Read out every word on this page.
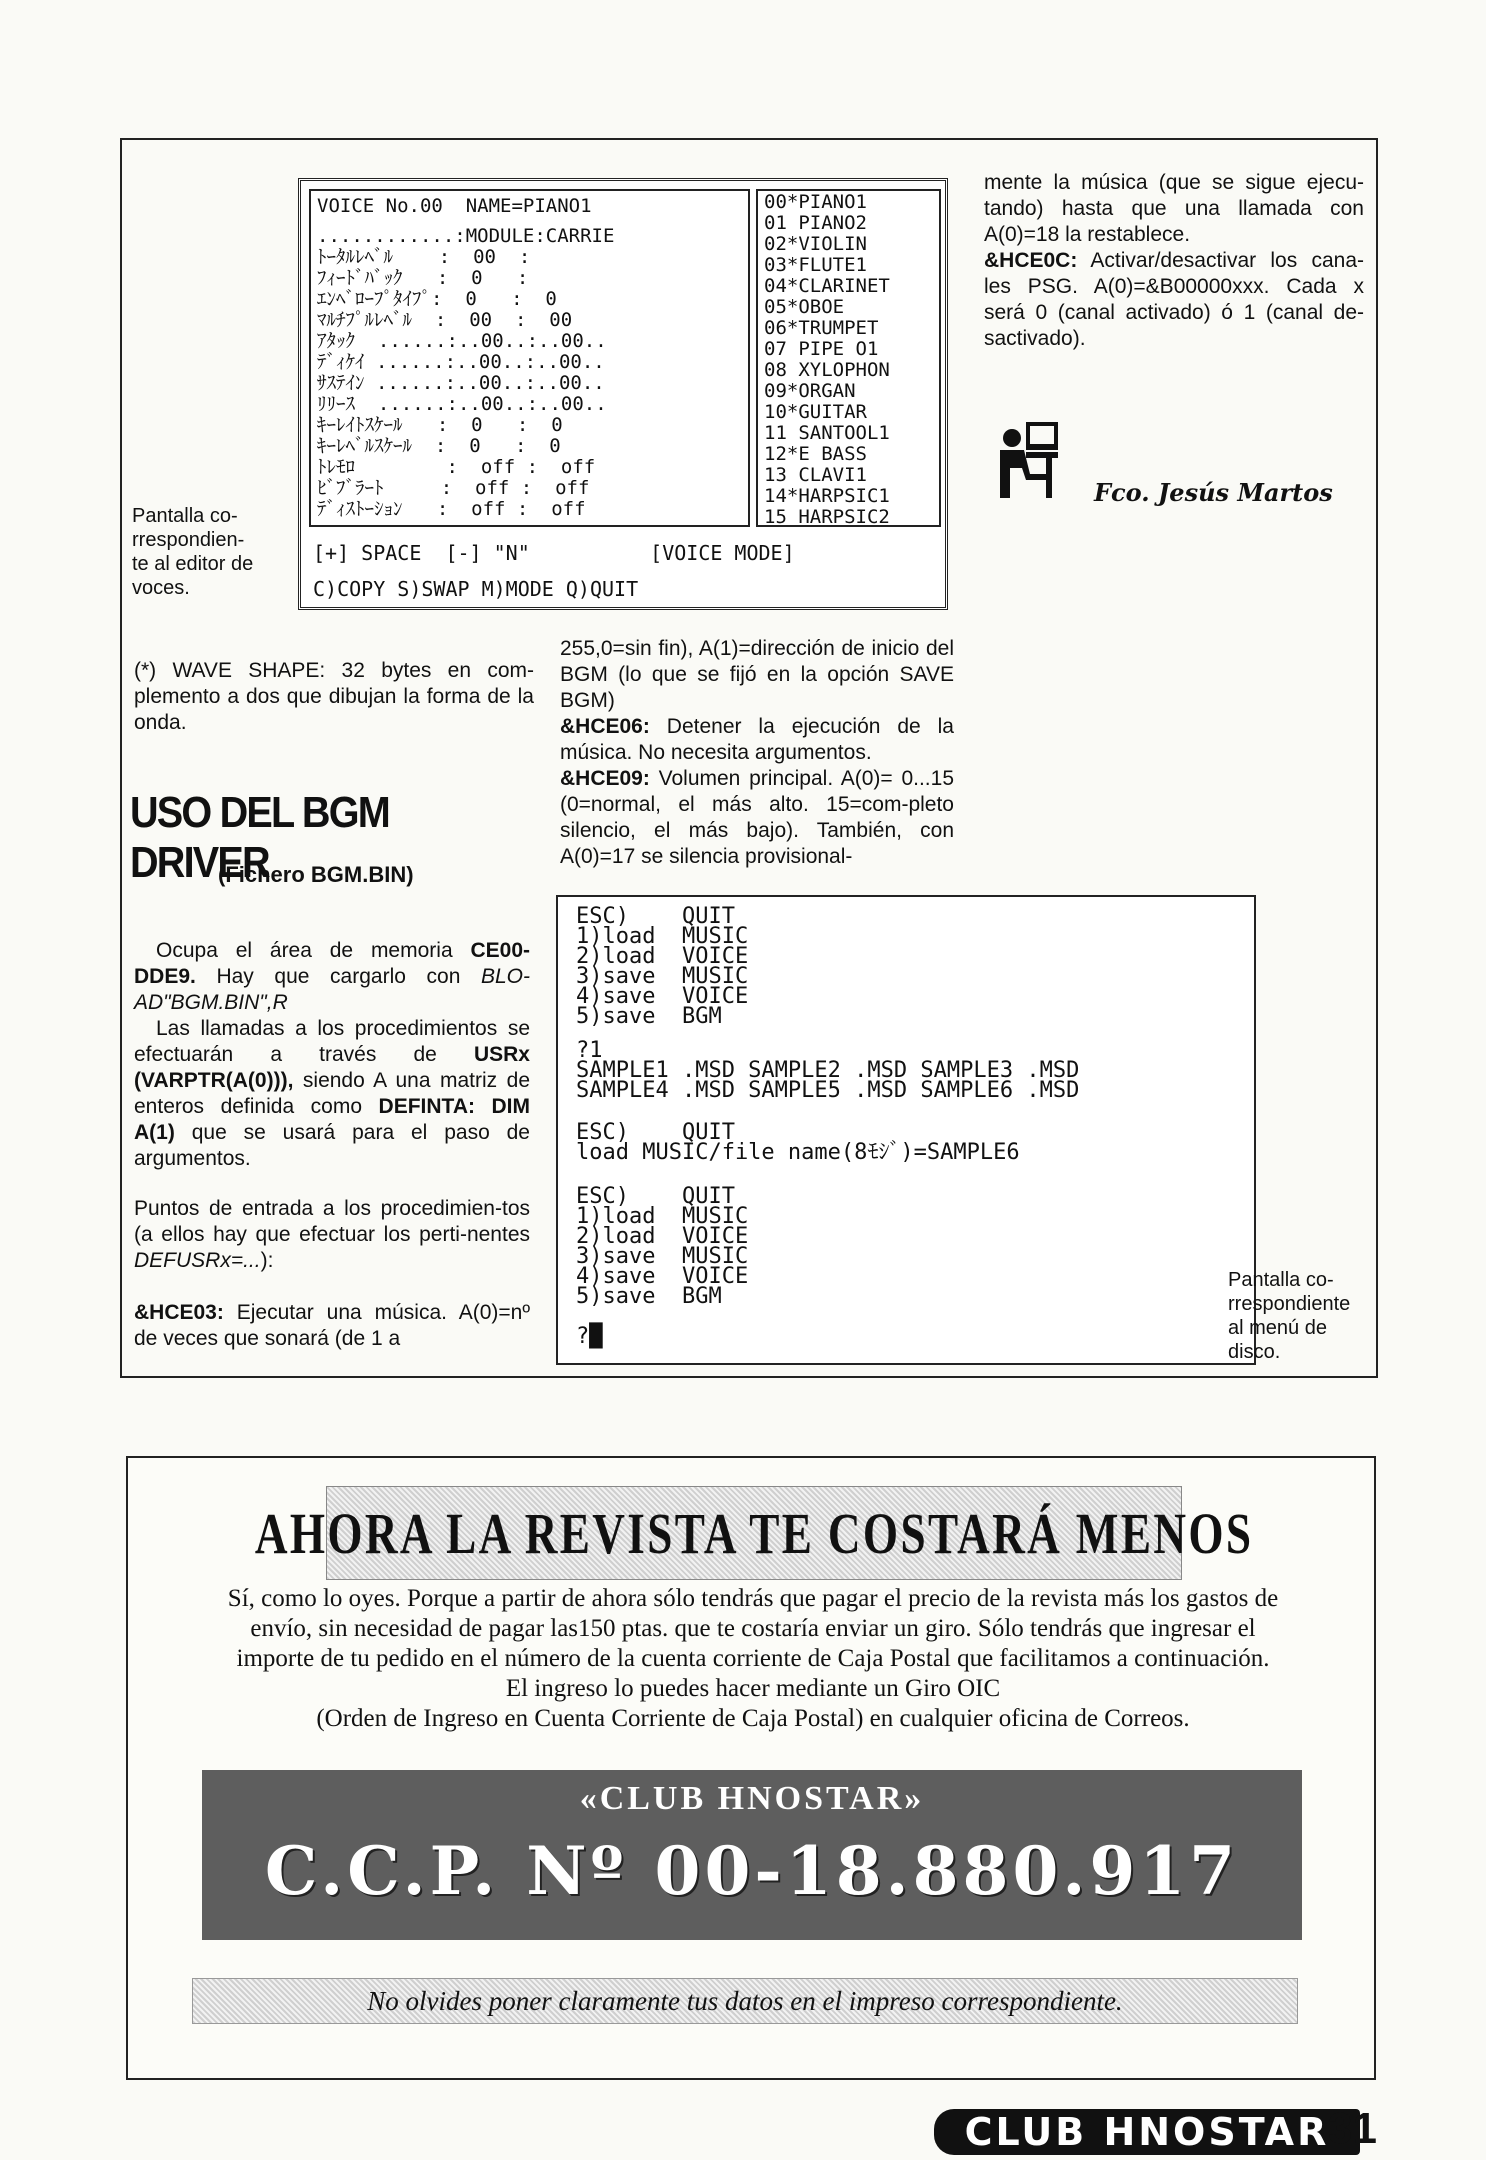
VOICE No.00  NAME=PIANO1
............:MODULE:CARRIE
ﾄｰﾀﾙﾚﾍﾞﾙ    :  00  :
ﾌｨｰﾄﾞﾊﾞｯｸ   :  0   :
ｴﾝﾍﾞﾛｰﾌﾟﾀｲﾌﾟ:  0   :  0
ﾏﾙﾁﾌﾟﾙﾚﾍﾞﾙ  :  00  :  00
ｱﾀｯｸ  ......:..00..:..00..
ﾃﾞｨｹｲ ......:..00..:..00..
ｻｽﾃｲﾝ ......:..00..:..00..
ﾘﾘｰｽ  ......:..00..:..00..
ｷｰﾚｲﾄｽｹｰﾙ   :  0   :  0
ｷｰﾚﾍﾞﾙｽｹｰﾙ  :  0   :  0
ﾄﾚﾓﾛ        :  off :  off
ﾋﾞﾌﾞﾗｰﾄ     :  off :  off
ﾃﾞｨｽﾄｰｼｮﾝ   :  off :  off
00*PIANO1
01 PIANO2
02*VIOLIN
03*FLUTE1
04*CLARINET
05*OBOE
06*TRUMPET
07 PIPE O1
08 XYLOPHON
09*ORGAN
10*GUITAR
11 SANTOOL1
12*E BASS
13 CLAVI1
14*HARPSIC1
15 HARPSIC2
[+] SPACE  [-] "N"          [VOICE MODE]
C)COPY S)SWAP M)MODE Q)QUIT
Pantalla co-
rrespondien-
te al editor de
voces.
mente la música (que se sigue ejecu-tando) hasta que una llamada con A(0)=18 la restablece.
&HCE0C: Activar/desactivar los cana-les PSG. A(0)=&B00000xxx. Cada x será 0 (canal activado) ó 1 (canal de-sactivado).
Fco. Jesús Martos
(*) WAVE SHAPE: 32 bytes en com-plemento a dos que dibujan la forma de la onda.
USO DEL BGM DRIVER
(Fichero BGM.BIN)
Ocupa el área de memoria CE00-DDE9. Hay que cargarlo con BLO-AD"BGM.BIN",R
Las llamadas a los procedimientos se efectuarán a través de USRx (VARPTR(A(0))), siendo A una matriz de enteros definida como DEFINTA: DIM A(1) que se usará para el paso de argumentos.
Puntos de entrada a los procedimien-tos (a ellos hay que efectuar los perti-nentes DEFUSRx=...):
&HCE03: Ejecutar una música. A(0)=nº de veces que sonará (de 1 a
255,0=sin fin), A(1)=dirección de inicio del BGM (lo que se fijó en la opción SAVE BGM)
&HCE06: Detener la ejecución de la música. No necesita argumentos.
&HCE09: Volumen principal. A(0)= 0...15 (0=normal, el más alto. 15=com-pleto silencio, el más bajo). También, con A(0)=17 se silencia provisional-
ESC)    QUIT
1)load  MUSIC
2)load  VOICE
3)save  MUSIC
4)save  VOICE
5)save  BGM
?1
SAMPLE1 .MSD SAMPLE2 .MSD SAMPLE3 .MSD
SAMPLE4 .MSD SAMPLE5 .MSD SAMPLE6 .MSD
ESC)    QUIT
load MUSIC/file name(8ﾓｼﾞ)=SAMPLE6
ESC)    QUIT
1)load  MUSIC
2)load  VOICE
3)save  MUSIC
4)save  VOICE
5)save  BGM
?█
Pantalla co-
rrespondiente
al menú de
disco.
AHORA LA REVISTA TE COSTARÁ MENOS
Sí, como lo oyes. Porque a partir de ahora sólo tendrás que pagar el precio de la revista más los gastos de
envío, sin necesidad de pagar las150 ptas. que te costaría enviar un giro. Sólo tendrás que ingresar el
importe de tu pedido en el número de la cuenta corriente de Caja Postal que facilitamos a continuación.
El ingreso lo puedes hacer mediante un Giro OIC
(Orden de Ingreso en Cuenta Corriente de Caja Postal) en cualquier oficina de Correos.
«CLUB HNOSTAR»
C.C.P. Nº 00-18.880.917
No olvides poner claramente tus datos en el impreso correspondiente.
CLUB HNOSTAR
31
